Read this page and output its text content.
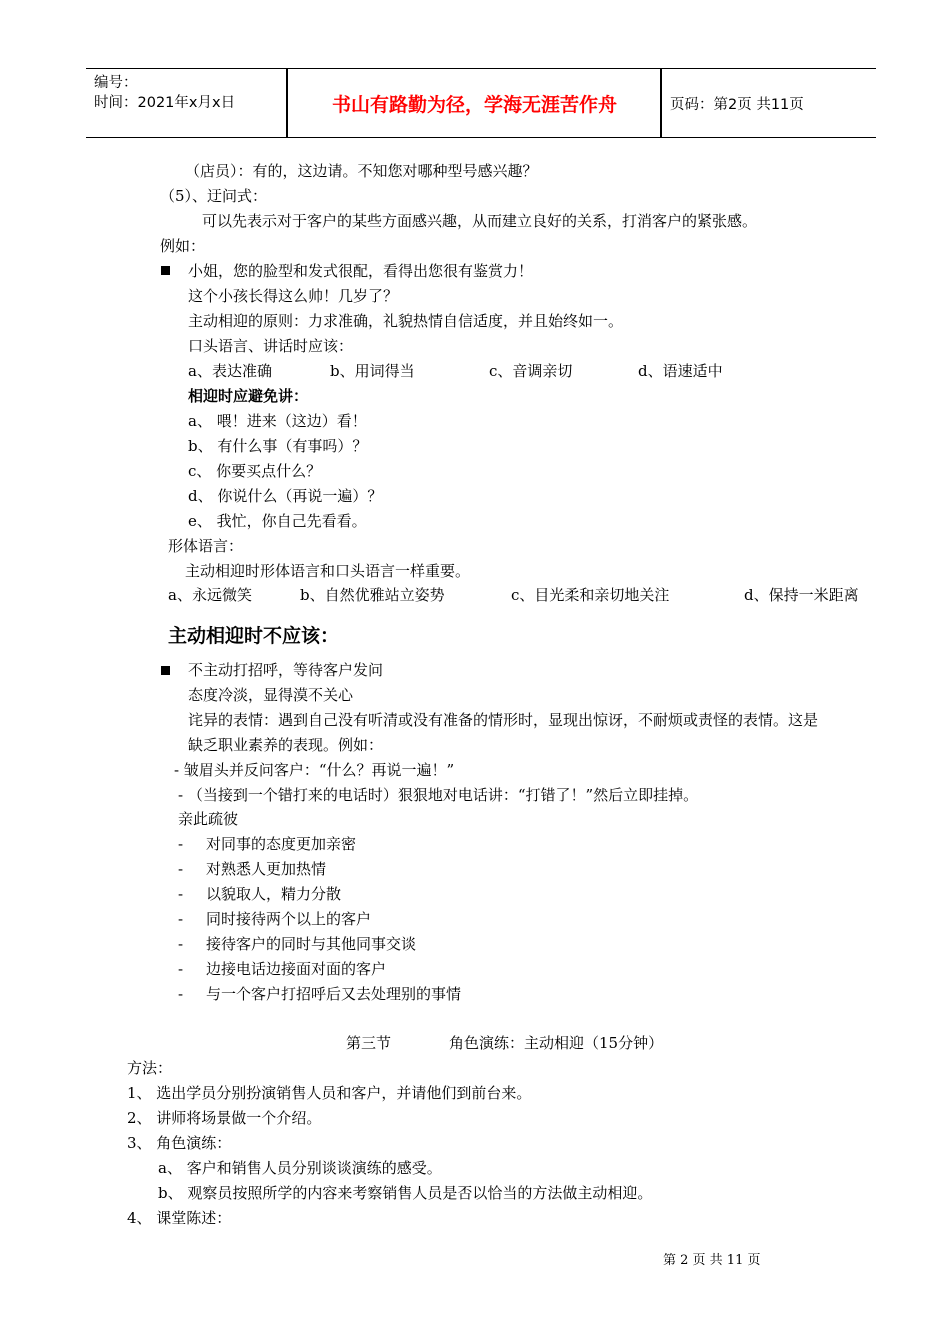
编号：
时间：2021年x月x日	书山有路勤为径，学海无涯苦作舟	页码：第2页 共11页
（店员）：有的，这边请。不知您对哪种型号感兴趣？
（5）、迂问式：
可以先表示对于客户的某些方面感兴趣，从而建立良好的关系，打消客户的紧张感。
例如：
小姐，您的脸型和发式很配，看得出您很有鉴赏力！
这个小孩长得这么帅！几岁了？
主动相迎的原则：力求准确，礼貌热情自信适度，并且始终如一。
口头语言、讲话时应该：
a、表达准确	b、用词得当	c、音调亲切	d、语速适中
相迎时应避免讲：
a、 喂！进来（这边）看！
b、 有什么事（有事吗）？
c、 你要买点什么？
d、 你说什么（再说一遍）？
e、 我忙，你自己先看看。
形体语言：
主动相迎时形体语言和口头语言一样重要。
a、永远微笑	b、自然优雅站立姿势	c、目光柔和亲切地关注	d、保持一米距离
主动相迎时不应该：
不主动打招呼，等待客户发问
态度冷淡，显得漠不关心
诧异的表情：遇到自己没有听清或没有准备的情形时，显现出惊讶，不耐烦或责怪的表情。这是
缺乏职业素养的表现。例如：
- 皱眉头并反问客户：“什么？再说一遍！”
- （当接到一个错打来的电话时）狠狠地对电话讲：“打错了！”然后立即挂掉。
亲此疏彼
- 对同事的态度更加亲密
- 对熟悉人更加热情
- 以貌取人，精力分散
- 同时接待两个以上的客户
- 接待客户的同时与其他同事交谈
- 边接电话边接面对面的客户
- 与一个客户打招呼后又去处理别的事情
第三节	角色演练：主动相迎（15分钟）
方法：
1、 选出学员分别扮演销售人员和客户，并请他们到前台来。
2、 讲师将场景做一个介绍。
3、 角色演练：
a、 客户和销售人员分别谈谈演练的感受。
b、 观察员按照所学的内容来考察销售人员是否以恰当的方法做主动相迎。
4、 课堂陈述：
第 2 页 共 11 页
